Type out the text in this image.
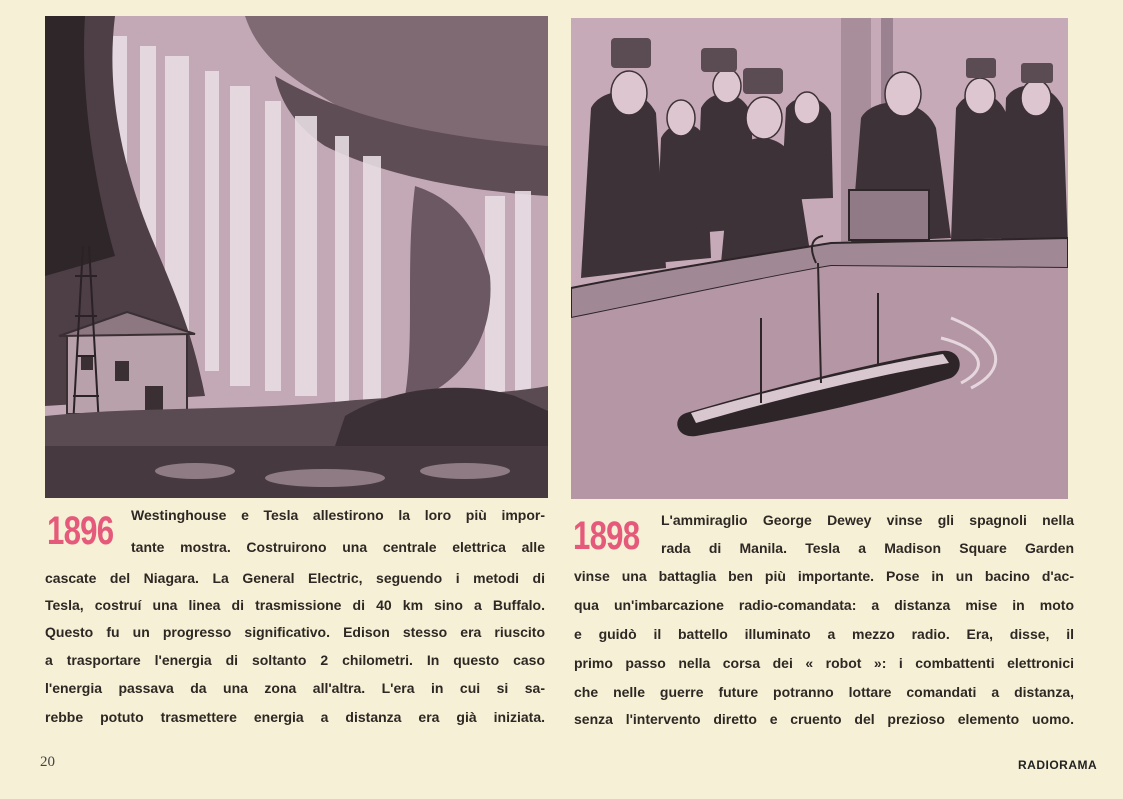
1896 Westinghouse e Tesla allestirono la loro più impor-
tante mostra. Costruirono una centrale elettrica alle
cascate del Niagara. La General Electric, seguendo i metodi di
Tesla, costruí una linea di trasmissione di 40 km sino a Buffalo.
Questo fu un progresso significativo. Edison stesso era riuscito
a trasportare l'energia di soltanto 2 chilometri. In questo caso
l'energia passava da una zona all'altra. L'era in cui si sa-
rebbe potuto trasmettere energia a distanza era già iniziata.
1898 L'ammiraglio George Dewey vinse gli spagnoli nella
rada di Manila. Tesla a Madison Square Garden
vinse una battaglia ben più importante. Pose in un bacino d'ac-
qua un'imbarcazione radio-comandata: a distanza mise in moto
e guidò il battello illuminato a mezzo radio. Era, disse, il
primo passo nella corsa dei « robot »: i combattenti elettronici
che nelle guerre future potranno lottare comandati a distanza,
senza l'intervento diretto e cruento del prezioso elemento uomo.
20	RADIORAMA
